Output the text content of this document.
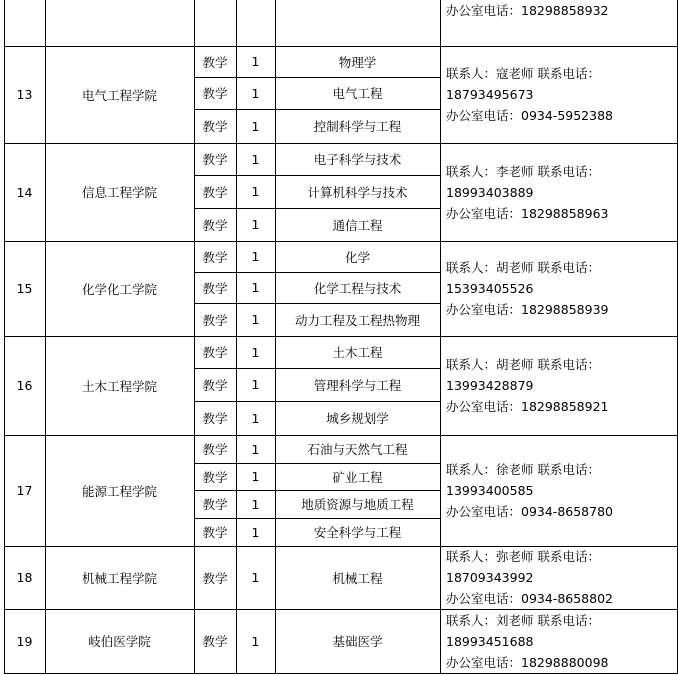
办公室电话：18298858932
13	电气工程学院
教学	1	物理学
教学	1	电气工程
教学	1	控制科学与工程
联系人：寇老师 联系电话：
18793495673
办公室电话：0934-5952388
14	信息工程学院
教学	1	电子科学与技术
教学	1	计算机科学与技术
教学	1	通信工程
联系人：李老师 联系电话：
18993403889
办公室电话：18298858963
15	化学化工学院
教学	1	化学
教学	1	化学工程与技术
教学	1	动力工程及工程热物理
联系人：胡老师 联系电话：
15393405526
办公室电话：18298858939
16	土木工程学院
教学	1	土木工程
教学	1	管理科学与工程
教学	1	城乡规划学
联系人：胡老师 联系电话：
13993428879
办公室电话：18298858921
17	能源工程学院
教学	1	石油与天然气工程
教学	1	矿业工程
教学	1	地质资源与地质工程
教学	1	安全科学与工程
联系人：徐老师 联系电话：
13993400585
办公室电话：0934-8658780
18	机械工程学院	教学	1	机械工程
联系人：弥老师 联系电话：
18709343992
办公室电话：0934-8658802
19	岐伯医学院	教学	1	基础医学
联系人：刘老师 联系电话：
18993451688
办公室电话：18298880098
